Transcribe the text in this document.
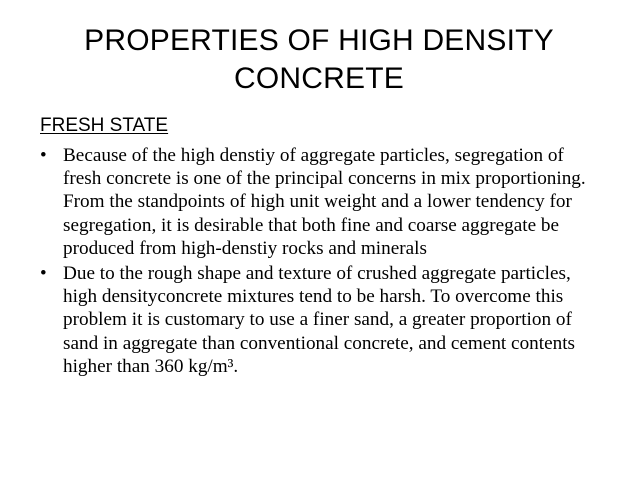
PROPERTIES OF HIGH DENSITY
CONCRETE
FRESH STATE
• Because of the high denstiy of aggregate particles, segregation of fresh concrete is one of the principal concerns in mix proportioning. From the standpoints of high unit weight and a lower tendency for segregation, it is desirable that both fine and coarse aggregate be produced from high-denstiy rocks and minerals
• Due to the rough shape and texture of crushed aggregate particles, high densityconcrete mixtures tend to be harsh. To overcome this problem it is customary to use a finer sand, a greater proportion of sand in aggregate than conventional concrete, and cement contents higher than 360 kg/m³.
